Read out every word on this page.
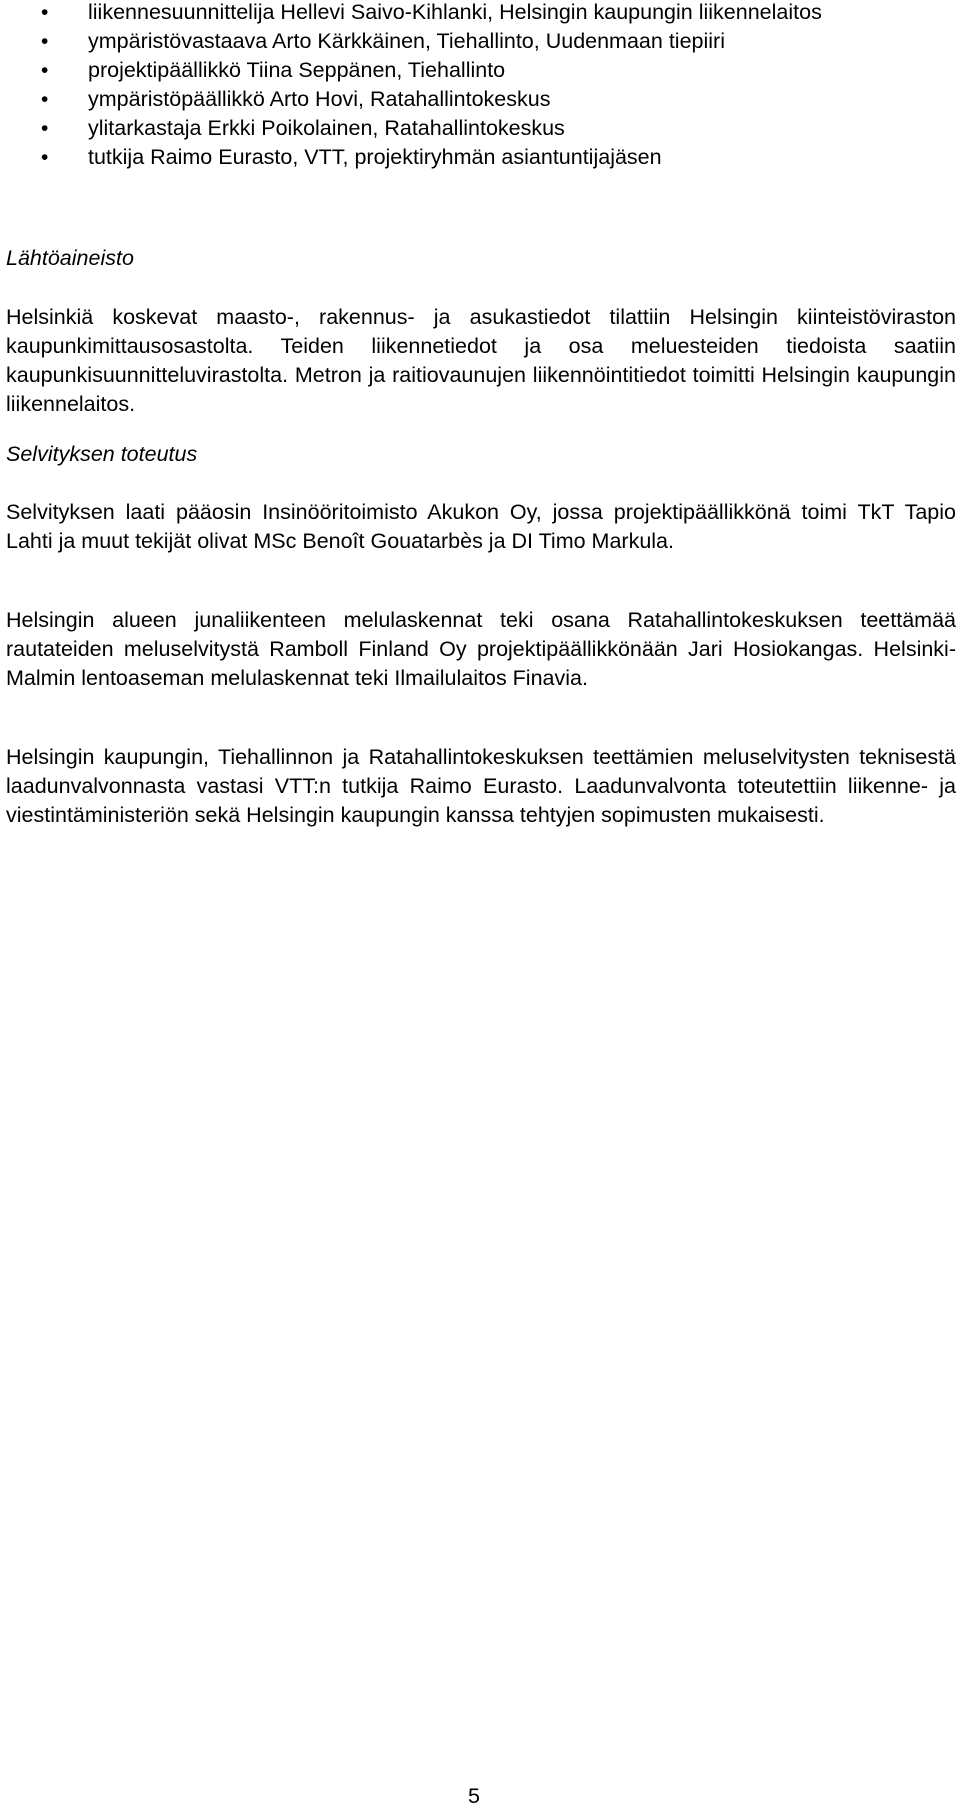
• liikennesuunnittelija Hellevi Saivo-Kihlanki, Helsingin kaupungin liikennelaitos
• ympäristövastaava Arto Kärkkäinen, Tiehallinto, Uudenmaan tiepiiri
• projektipäällikkö Tiina Seppänen, Tiehallinto
• ympäristöpäällikkö Arto Hovi, Ratahallintokeskus
• ylitarkastaja Erkki Poikolainen, Ratahallintokeskus
• tutkija Raimo Eurasto, VTT, projektiryhmän asiantuntijajäsen
Lähtöaineisto
Helsinkiä koskevat maasto-, rakennus- ja asukastiedot tilattiin Helsingin kiinteistöviraston kaupunkimittausosastolta. Teiden liikennetiedot ja osa meluesteiden tiedoista saatiin kaupunkisuunnitteluvirastolta. Metron ja raitiovaunujen liikennöintitiedot toimitti Helsingin kaupungin liikennelaitos.
Selvityksen toteutus
Selvityksen laati pääosin Insinööritoimisto Akukon Oy, jossa projektipäällikkönä toimi TkT Tapio Lahti ja muut tekijät olivat MSc Benoît Gouatarbès ja DI Timo Markula.
Helsingin alueen junaliikenteen melulaskennat teki osana Ratahallintokeskuksen teettämää rautateiden meluselvitystä Ramboll Finland Oy projektipäällikkönään Jari Hosiokangas. Helsinki-Malmin lentoaseman melulaskennat teki Ilmailulaitos Finavia.
Helsingin kaupungin, Tiehallinnon ja Ratahallintokeskuksen teettämien meluselvitysten teknisestä laadunvalvonnasta vastasi VTT:n tutkija Raimo Eurasto. Laadunvalvonta toteutettiin liikenne- ja viestintäministeriön sekä Helsingin kaupungin kanssa tehtyjen sopimusten mukaisesti.
5
